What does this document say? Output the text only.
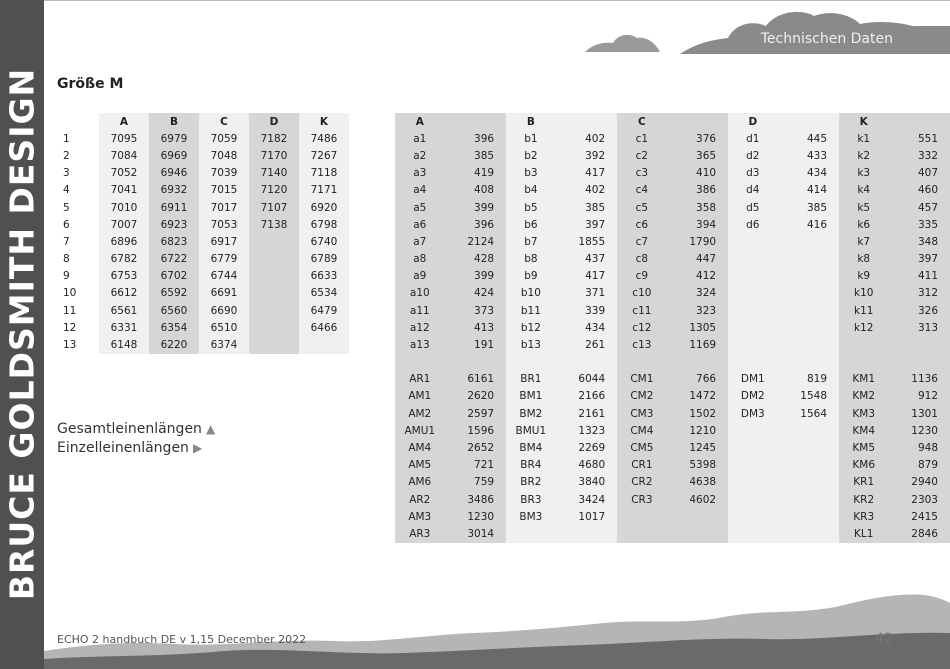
BRUCE GOLDSMITH DESIGN
Technischen Daten
Größe M
	A	B	C	D	K
1	7095	6979	7059	7182	7486
2	7084	6969	7048	7170	7267
3	7052	6946	7039	7140	7118
4	7041	6932	7015	7120	7171
5	7010	6911	7017	7107	6920
6	7007	6923	7053	7138	6798
7	6896	6823	6917		6740
8	6782	6722	6779		6789
9	6753	6702	6744		6633
10	6612	6592	6691		6534
11	6561	6560	6690		6479
12	6331	6354	6510		6466
13	6148	6220	6374		
A		B		C		D		K	
a1	396	b1	402	c1	376	d1	445	k1	551
a2	385	b2	392	c2	365	d2	433	k2	332
a3	419	b3	417	c3	410	d3	434	k3	407
a4	408	b4	402	c4	386	d4	414	k4	460
a5	399	b5	385	c5	358	d5	385	k5	457
a6	396	b6	397	c6	394	d6	416	k6	335
a7	2124	b7	1855	c7	1790			k7	348
a8	428	b8	437	c8	447			k8	397
a9	399	b9	417	c9	412			k9	411
a10	424	b10	371	c10	324			k10	312
a11	373	b11	339	c11	323			k11	326
a12	413	b12	434	c12	1305			k12	313
a13	191	b13	261	c13	1169				

AR1	6161	BR1	6044	CM1	766	DM1	819	KM1	1136
AM1	2620	BM1	2166	CM2	1472	DM2	1548	KM2	912
AM2	2597	BM2	2161	CM3	1502	DM3	1564	KM3	1301
AMU1	1596	BMU1	1323	CM4	1210			KM4	1230
AM4	2652	BM4	2269	CM5	1245			KM5	948
AM5	721	BR4	4680	CR1	5398			KM6	879
AM6	759	BR2	3840	CR2	4638			KR1	2940
AR2	3486	BR3	3424	CR3	4602			KR2	2303
AM3	1230	BM3	1017					KR3	2415
AR3	3014							KL1	2846
Gesamtleinenlängen ▲
Einzelleinenlängen ▶
ECHO 2 handbuch DE v 1,15 December 2022	42
